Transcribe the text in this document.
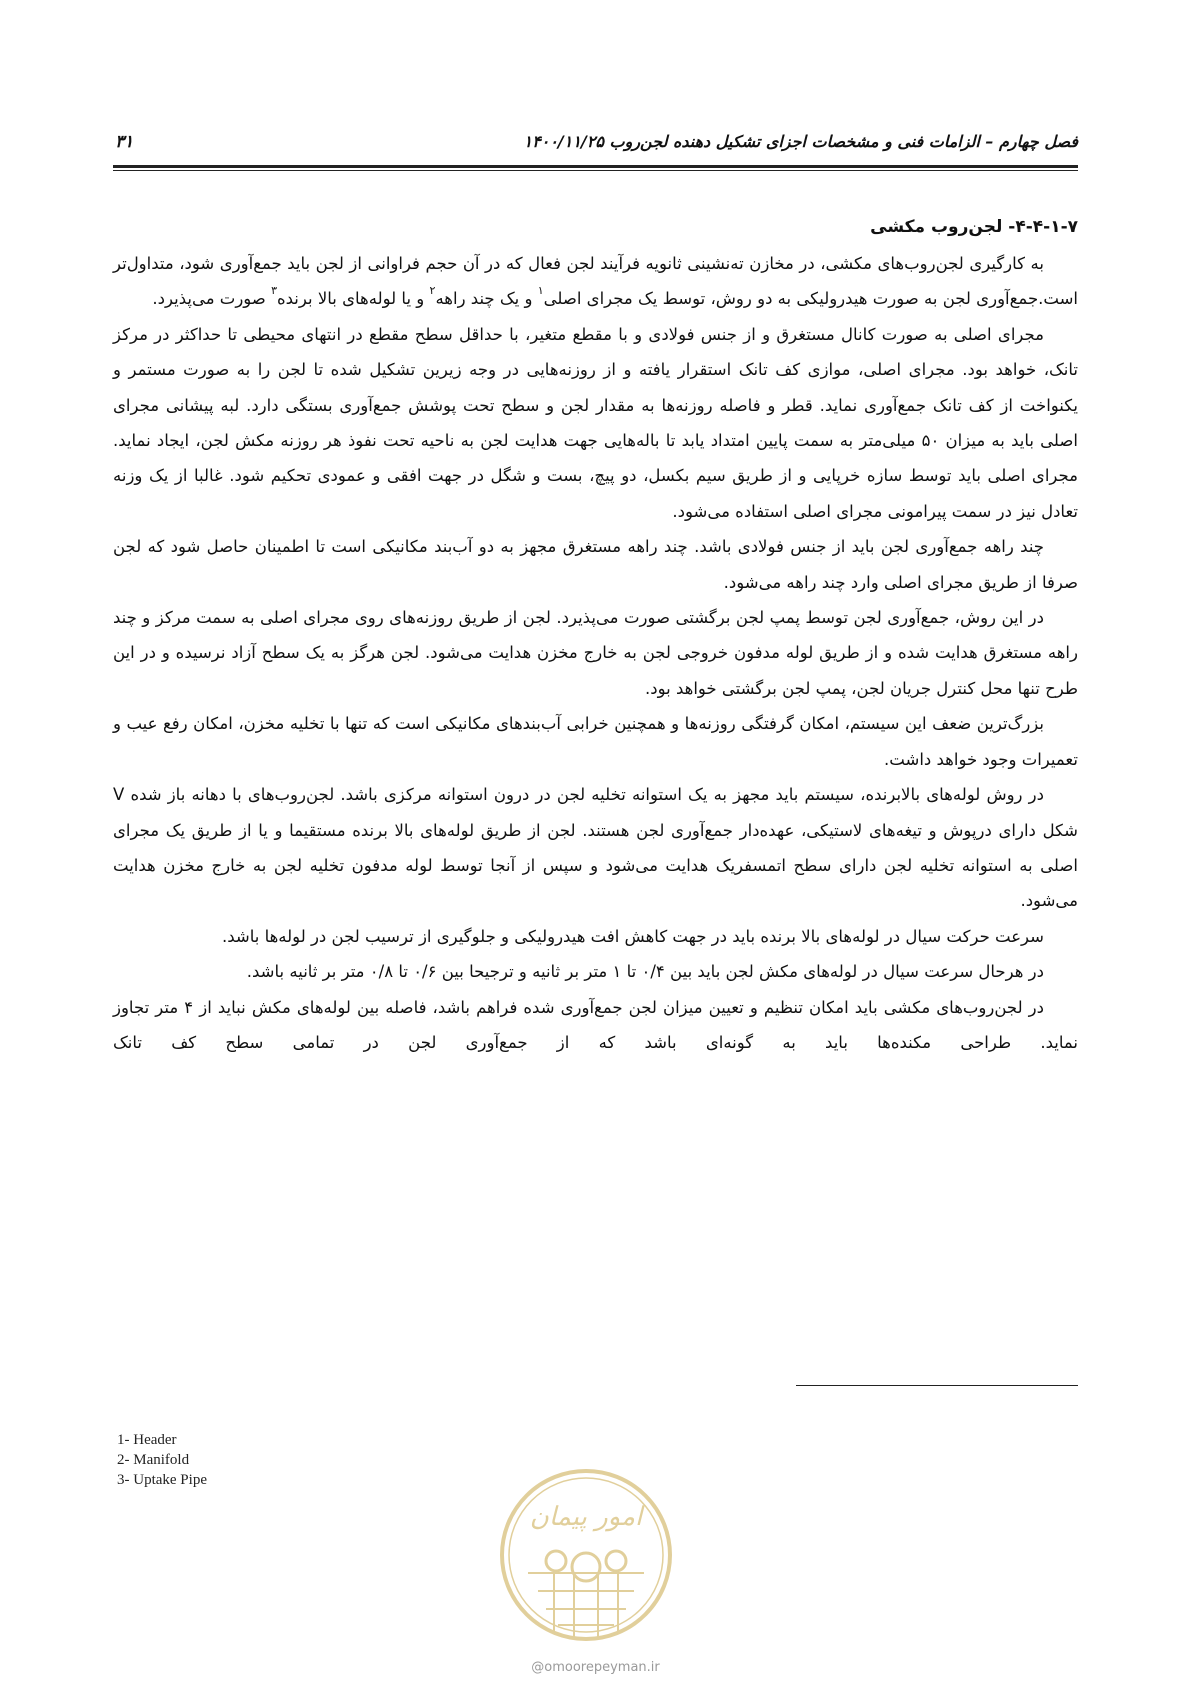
فصل چهارم – الزامات فنی و مشخصات اجزای تشکیل دهنده لجن‌روب ۱۴۰۰/۱۱/۲۵
۳۱
۴-۴-۱-۷- لجن‌روب مکشی

به کارگیری لجن‌روب‌های مکشی، در مخازن ته‌نشینی ثانویه فرآیند لجن فعال که در آن حجم فراوانی از لجن باید جمع‌آوری شود، متداول‌تر است.جمع‌آوری لجن به صورت هیدرولیکی به دو روش، توسط یک مجرای اصلی$^۱$ و یک چند راهه$^۲$ و یا لوله‌های بالا برنده$^۳$ صورت می‌پذیرد.

مجرای اصلی به صورت کانال مستغرق و از جنس فولادی و با مقطع متغیر، با حداقل سطح مقطع در انتهای محیطی تا حداکثر در مرکز تانک، خواهد بود. مجرای اصلی، موازی کف تانک استقرار یافته و از روزنه‌هایی در وجه زیرین تشکیل شده تا لجن را به صورت مستمر و یکنواخت از کف تانک جمع‌آوری نماید. قطر و فاصله روزنه‌ها به مقدار لجن و سطح تحت پوشش جمع‌آوری بستگی دارد. لبه پیشانی مجرای اصلی باید به میزان ۵۰ میلی‌متر به سمت پایین امتداد یابد تا باله‌هایی جهت هدایت لجن به ناحیه تحت نفوذ هر روزنه مکش لجن، ایجاد نماید. مجرای اصلی باید توسط سازه خرپایی و از طریق سیم بکسل، دو پیچ، بست و شگل در جهت افقی و عمودی تحکیم شود. غالبا از یک وزنه تعادل نیز در سمت پیرامونی مجرای اصلی استفاده می‌شود.

چند راهه جمع‌آوری لجن باید از جنس فولادی باشد. چند راهه مستغرق مجهز به دو آب‌بند مکانیکی است تا اطمینان حاصل شود که لجن صرفا از طریق مجرای اصلی وارد چند راهه می‌شود.

در این روش، جمع‌آوری لجن توسط پمپ لجن برگشتی صورت می‌پذیرد. لجن از طریق روزنه‌های روی مجرای اصلی به سمت مرکز و چند راهه مستغرق هدایت شده و از طریق لوله مدفون خروجی لجن به خارج مخزن هدایت می‌شود. لجن هرگز به یک سطح آزاد نرسیده و در این طرح تنها محل کنترل جریان لجن، پمپ لجن برگشتی خواهد بود.

بزرگ‌ترین ضعف این سیستم، امکان گرفتگی روزنه‌ها و همچنین خرابی آب‌بندهای مکانیکی است که تنها با تخلیه مخزن، امکان رفع عیب و تعمیرات وجود خواهد داشت.

در روش لوله‌های بالابرنده، سیستم باید مجهز به یک استوانه تخلیه لجن در درون استوانه مرکزی باشد. لجن‌روب‌های با دهانه باز شده V شکل دارای درپوش و تیغه‌های لاستیکی، عهده‌دار جمع‌آوری لجن هستند. لجن از طریق لوله‌های بالا برنده مستقیما و یا از طریق یک مجرای اصلی به استوانه تخلیه لجن دارای سطح اتمسفریک هدایت می‌شود و سپس از آنجا توسط لوله مدفون تخلیه لجن به خارج مخزن هدایت می‌شود.

سرعت حرکت سیال در لوله‌های بالا برنده باید در جهت کاهش افت هیدرولیکی و جلوگیری از ترسیب لجن در لوله‌ها باشد.

در هرحال سرعت سیال در لوله‌های مکش لجن باید بین ۰/۴ تا ۱ متر بر ثانیه و ترجیحا بین ۰/۶ تا ۰/۸ متر بر ثانیه باشد.

در لجن‌روب‌های مکشی باید امکان تنظیم و تعیین میزان لجن جمع‌آوری شده فراهم باشد، فاصله بین لوله‌های مکش نباید از ۴ متر تجاوز نماید. طراحی مکنده‌ها باید به گونه‌ای باشد که از جمع‌آوری لجن در تمامی سطح کف تانک

1- Header
2- Manifold
3- Uptake Pipe
امور پیمان
@omoorepeyman.ir
